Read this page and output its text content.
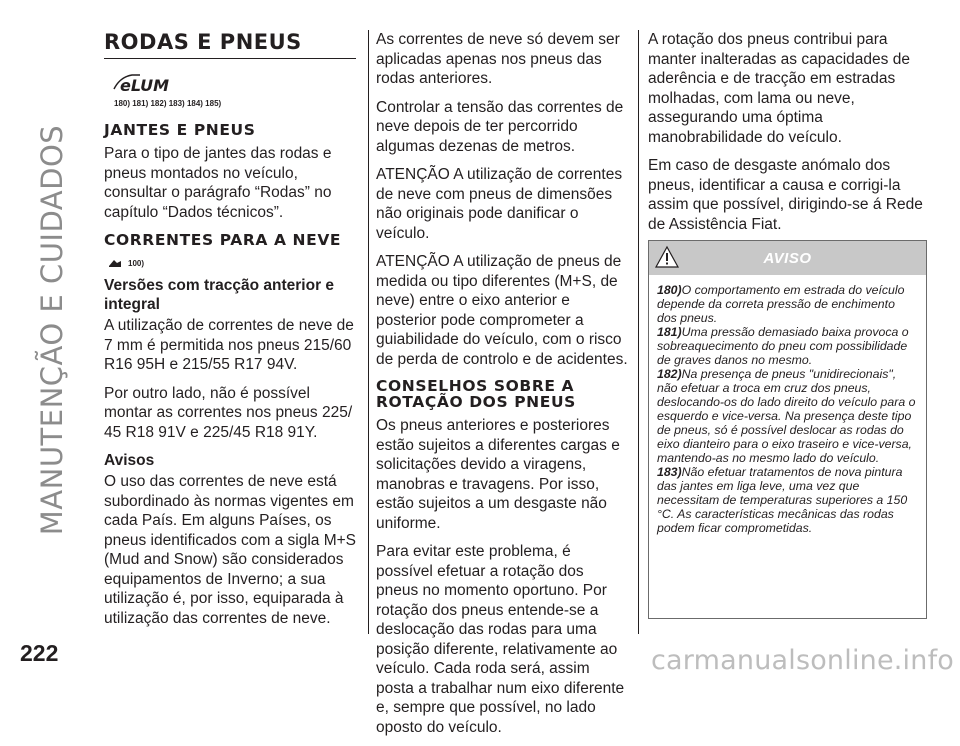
MANUTENÇÃO E CUIDADOS
222
RODAS E PNEUS
eLUM
180) 181) 182) 183) 184) 185)
JANTES E PNEUS

Para o tipo de jantes das rodas e pneus montados no veículo, consultar o parágrafo “Rodas” no capítulo “Dados técnicos”.

CORRENTES PARA A NEVE
100)
Versões com tracção anterior e integral

A utilização de correntes de neve de 7 mm é permitida nos pneus 215/60 R16 95H e 215/55 R17 94V.

Por outro lado, não é possível montar as correntes nos pneus 225/ 45 R18 91V e 225/45 R18 91Y.

Avisos

O uso das correntes de neve está subordinado às normas vigentes em cada País. Em alguns Países, os pneus identificados com a sigla M+S (Mud and Snow) são considerados equipamentos de Inverno; a sua utilização é, por isso, equiparada à utilização das correntes de neve.

As correntes de neve só devem ser aplicadas apenas nos pneus das rodas anteriores.

Controlar a tensão das correntes de neve depois de ter percorrido algumas dezenas de metros.

ATENÇÃO A utilização de correntes de neve com pneus de dimensões não originais pode danificar o veículo.

ATENÇÃO A utilização de pneus de medida ou tipo diferentes (M+S, de neve) entre o eixo anterior e posterior pode comprometer a guiabilidade do veículo, com o risco de perda de controlo e de acidentes.

CONSELHOS SOBRE A ROTAÇÃO DOS PNEUS

Os pneus anteriores e posteriores estão sujeitos a diferentes cargas e solicitações devido a viragens, manobras e travagens. Por isso, estão sujeitos a um desgaste não uniforme.

Para evitar este problema, é possível efetuar a rotação dos pneus no momento oportuno. Por rotação dos pneus entende-se a deslocação das rodas para uma posição diferente, relativamente ao veículo. Cada roda será, assim posta a trabalhar num eixo diferente e, sempre que possível, no lado oposto do veículo.

A rotação dos pneus contribui para manter inalteradas as capacidades de aderência e de tracção em estradas molhadas, com lama ou neve, assegurando uma óptima manobrabilidade do veículo.

Em caso de desgaste anómalo dos pneus, identificar a causa e corrigi-la assim que possível, dirigindo-se á Rede de Assistência Fiat.

AVISO

180)O comportamento em estrada do veículo depende da correta pressão de enchimento dos pneus.

181)Uma pressão demasiado baixa provoca o sobreaquecimento do pneu com possibilidade de graves danos no mesmo.

182)Na presença de pneus "unidirecionais", não efetuar a troca em cruz dos pneus, deslocando-os do lado direito do veículo para o esquerdo e vice-versa. Na presença deste tipo de pneus, só é possível deslocar as rodas do eixo dianteiro para o eixo traseiro e vice-versa, mantendo-as no mesmo lado do veículo.

183)Não efetuar tratamentos de nova pintura das jantes em liga leve, uma vez que necessitam de temperaturas superiores a 150 °C. As características mecânicas das rodas podem ficar comprometidas.

carmanualsonline.info
